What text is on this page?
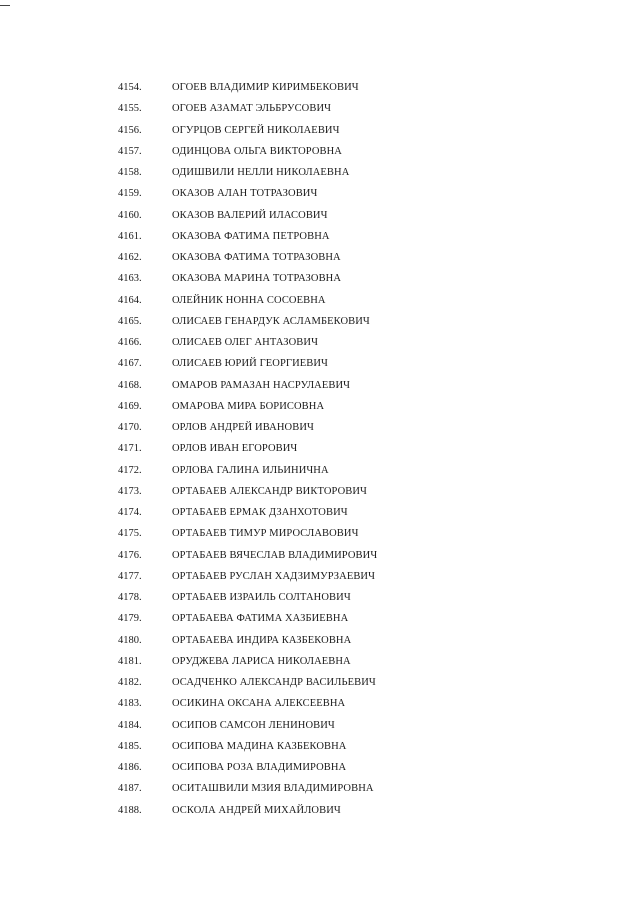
4154.	ОГОЕВ ВЛАДИМИР КИРИМБЕКОВИЧ
4155.	ОГОЕВ АЗАМАТ ЭЛЬБРУСОВИЧ
4156.	ОГУРЦОВ СЕРГЕЙ НИКОЛАЕВИЧ
4157.	ОДИНЦОВА ОЛЬГА ВИКТОРОВНА
4158.	ОДИШВИЛИ НЕЛЛИ НИКОЛАЕВНА
4159.	ОКАЗОВ АЛАН ТОТРАЗОВИЧ
4160.	ОКАЗОВ ВАЛЕРИЙ ИЛАСОВИЧ
4161.	ОКАЗОВА ФАТИМА ПЕТРОВНА
4162.	ОКАЗОВА ФАТИМА ТОТРАЗОВНА
4163.	ОКАЗОВА МАРИНА ТОТРАЗОВНА
4164.	ОЛЕЙНИК НОННА СОСОЕВНА
4165.	ОЛИСАЕВ ГЕНАРДУК АСЛАМБЕКОВИЧ
4166.	ОЛИСАЕВ ОЛЕГ АНТАЗОВИЧ
4167.	ОЛИСАЕВ ЮРИЙ ГЕОРГИЕВИЧ
4168.	ОМАРОВ РАМАЗАН НАСРУЛАЕВИЧ
4169.	ОМАРОВА МИРА БОРИСОВНА
4170.	ОРЛОВ АНДРЕЙ ИВАНОВИЧ
4171.	ОРЛОВ ИВАН ЕГОРОВИЧ
4172.	ОРЛОВА ГАЛИНА ИЛЬИНИЧНА
4173.	ОРТАБАЕВ АЛЕКСАНДР ВИКТОРОВИЧ
4174.	ОРТАБАЕВ ЕРМАК ДЗАНХОТОВИЧ
4175.	ОРТАБАЕВ ТИМУР МИРОСЛАВОВИЧ
4176.	ОРТАБАЕВ ВЯЧЕСЛАВ ВЛАДИМИРОВИЧ
4177.	ОРТАБАЕВ РУСЛАН ХАДЗИМУРЗАЕВИЧ
4178.	ОРТАБАЕВ ИЗРАИЛЬ СОЛТАНОВИЧ
4179.	ОРТАБАЕВА ФАТИМА ХАЗБИЕВНА
4180.	ОРТАБАЕВА ИНДИРА КАЗБЕКОВНА
4181.	ОРУДЖЕВА ЛАРИСА НИКОЛАЕВНА
4182.	ОСАДЧЕНКО АЛЕКСАНДР ВАСИЛЬЕВИЧ
4183.	ОСИКИНА ОКСАНА АЛЕКСЕЕВНА
4184.	ОСИПОВ САМСОН ЛЕНИНОВИЧ
4185.	ОСИПОВА МАДИНА КАЗБЕКОВНА
4186.	ОСИПОВА РОЗА ВЛАДИМИРОВНА
4187.	ОСИТАШВИЛИ МЗИЯ ВЛАДИМИРОВНА
4188.	ОСКОЛА АНДРЕЙ МИХАЙЛОВИЧ
